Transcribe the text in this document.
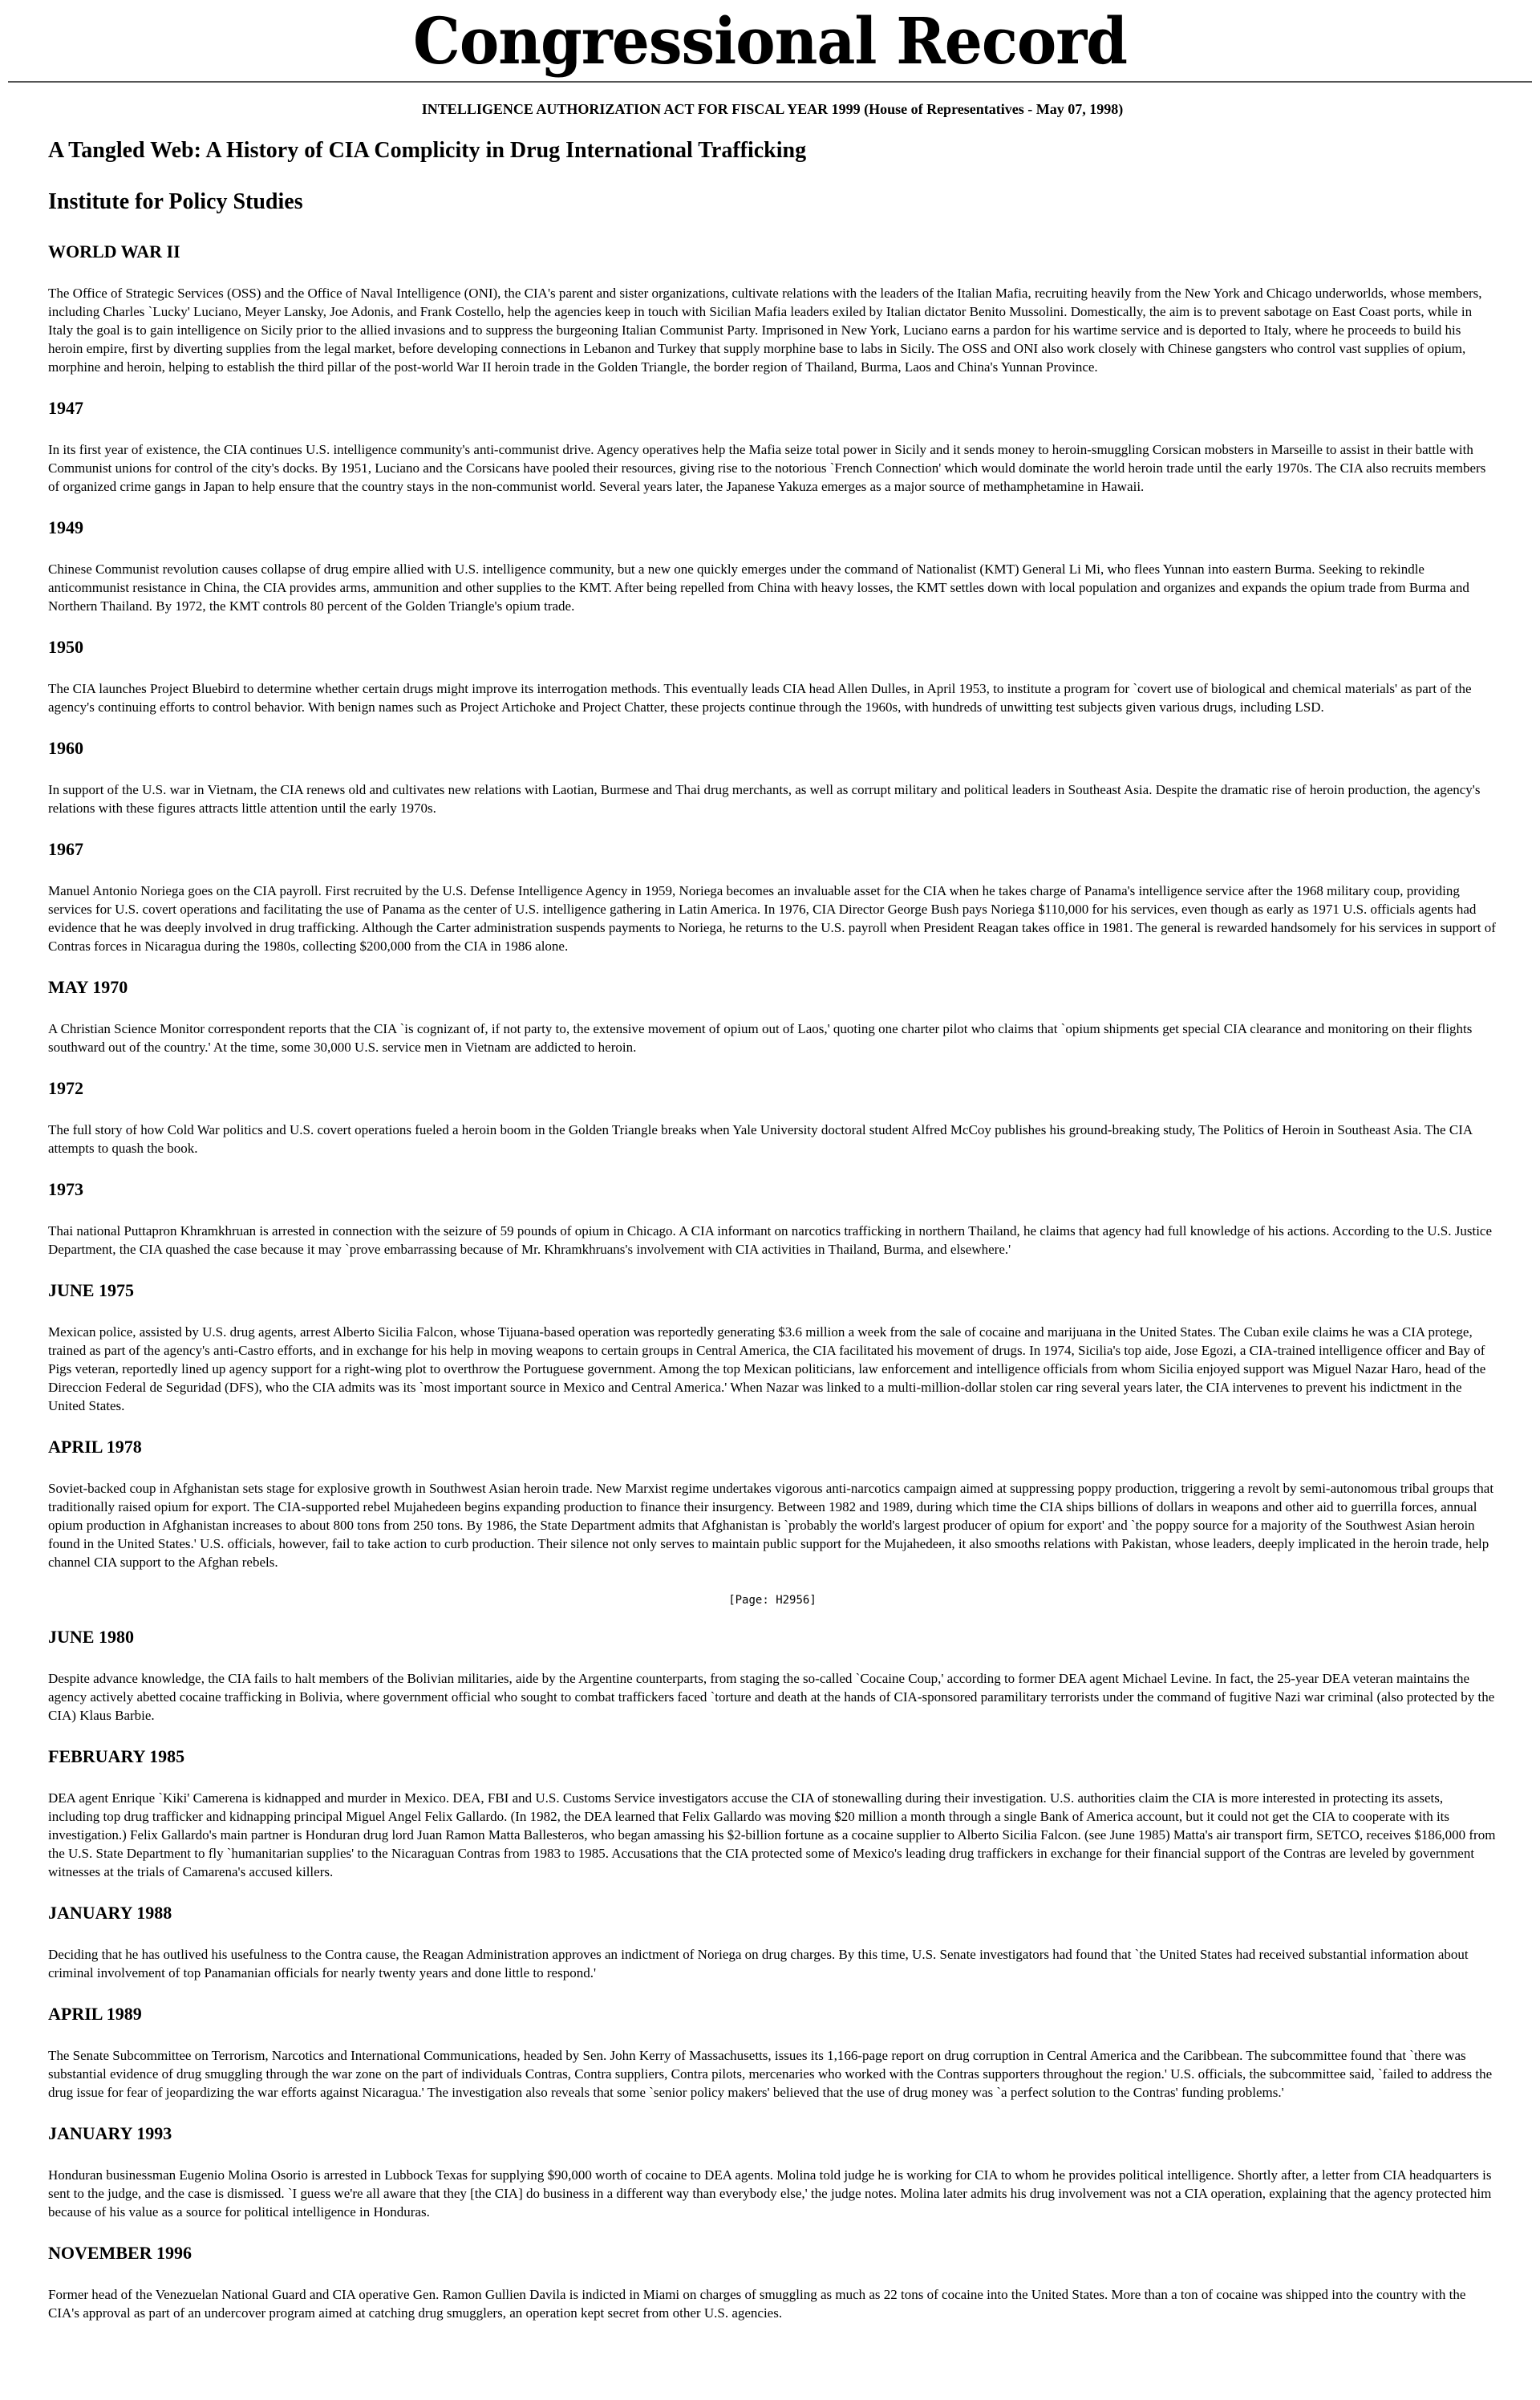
Congressional Record
INTELLIGENCE AUTHORIZATION ACT FOR FISCAL YEAR 1999 (House of Representatives - May 07, 1998)
A Tangled Web: A History of CIA Complicity in Drug International Trafficking
Institute for Policy Studies
WORLD WAR II

The Office of Strategic Services (OSS) and the Office of Naval Intelligence (ONI), the CIA's parent and sister organizations, cultivate relations with the leaders of the Italian Mafia, recruiting heavily from the New York and Chicago underworlds, whose members, including Charles `Lucky' Luciano, Meyer Lansky, Joe Adonis, and Frank Costello, help the agencies keep in touch with Sicilian Mafia leaders exiled by Italian dictator Benito Mussolini. Domestically, the aim is to prevent sabotage on East Coast ports, while in Italy the goal is to gain intelligence on Sicily prior to the allied invasions and to suppress the burgeoning Italian Communist Party. Imprisoned in New York, Luciano earns a pardon for his wartime service and is deported to Italy, where he proceeds to build his heroin empire, first by diverting supplies from the legal market, before developing connections in Lebanon and Turkey that supply morphine base to labs in Sicily. The OSS and ONI also work closely with Chinese gangsters who control vast supplies of opium, morphine and heroin, helping to establish the third pillar of the post-world War II heroin trade in the Golden Triangle, the border region of Thailand, Burma, Laos and China's Yunnan Province.

1947

In its first year of existence, the CIA continues U.S. intelligence community's anti-communist drive. Agency operatives help the Mafia seize total power in Sicily and it sends money to heroin-smuggling Corsican mobsters in Marseille to assist in their battle with Communist unions for control of the city's docks. By 1951, Luciano and the Corsicans have pooled their resources, giving rise to the notorious `French Connection' which would dominate the world heroin trade until the early 1970s. The CIA also recruits members of organized crime gangs in Japan to help ensure that the country stays in the non-communist world. Several years later, the Japanese Yakuza emerges as a major source of methamphetamine in Hawaii.

1949

Chinese Communist revolution causes collapse of drug empire allied with U.S. intelligence community, but a new one quickly emerges under the command of Nationalist (KMT) General Li Mi, who flees Yunnan into eastern Burma. Seeking to rekindle anticommunist resistance in China, the CIA provides arms, ammunition and other supplies to the KMT. After being repelled from China with heavy losses, the KMT settles down with local population and organizes and expands the opium trade from Burma and Northern Thailand. By 1972, the KMT controls 80 percent of the Golden Triangle's opium trade.

1950

The CIA launches Project Bluebird to determine whether certain drugs might improve its interrogation methods. This eventually leads CIA head Allen Dulles, in April 1953, to institute a program for `covert use of biological and chemical materials' as part of the agency's continuing efforts to control behavior. With benign names such as Project Artichoke and Project Chatter, these projects continue through the 1960s, with hundreds of unwitting test subjects given various drugs, including LSD.

1960

In support of the U.S. war in Vietnam, the CIA renews old and cultivates new relations with Laotian, Burmese and Thai drug merchants, as well as corrupt military and political leaders in Southeast Asia. Despite the dramatic rise of heroin production, the agency's relations with these figures attracts little attention until the early 1970s.

1967

Manuel Antonio Noriega goes on the CIA payroll. First recruited by the U.S. Defense Intelligence Agency in 1959, Noriega becomes an invaluable asset for the CIA when he takes charge of Panama's intelligence service after the 1968 military coup, providing services for U.S. covert operations and facilitating the use of Panama as the center of U.S. intelligence gathering in Latin America. In 1976, CIA Director George Bush pays Noriega $110,000 for his services, even though as early as 1971 U.S. officials agents had evidence that he was deeply involved in drug trafficking. Although the Carter administration suspends payments to Noriega, he returns to the U.S. payroll when President Reagan takes office in 1981. The general is rewarded handsomely for his services in support of Contras forces in Nicaragua during the 1980s, collecting $200,000 from the CIA in 1986 alone.

MAY 1970

A Christian Science Monitor correspondent reports that the CIA `is cognizant of, if not party to, the extensive movement of opium out of Laos,' quoting one charter pilot who claims that `opium shipments get special CIA clearance and monitoring on their flights southward out of the country.' At the time, some 30,000 U.S. service men in Vietnam are addicted to heroin.

1972

The full story of how Cold War politics and U.S. covert operations fueled a heroin boom in the Golden Triangle breaks when Yale University doctoral student Alfred McCoy publishes his ground-breaking study, The Politics of Heroin in Southeast Asia. The CIA attempts to quash the book.

1973

Thai national Puttapron Khramkhruan is arrested in connection with the seizure of 59 pounds of opium in Chicago. A CIA informant on narcotics trafficking in northern Thailand, he claims that agency had full knowledge of his actions. According to the U.S. Justice Department, the CIA quashed the case because it may `prove embarrassing because of Mr. Khramkhruans's involvement with CIA activities in Thailand, Burma, and elsewhere.'

JUNE 1975

Mexican police, assisted by U.S. drug agents, arrest Alberto Sicilia Falcon, whose Tijuana-based operation was reportedly generating $3.6 million a week from the sale of cocaine and marijuana in the United States. The Cuban exile claims he was a CIA protege, trained as part of the agency's anti-Castro efforts, and in exchange for his help in moving weapons to certain groups in Central America, the CIA facilitated his movement of drugs. In 1974, Sicilia's top aide, Jose Egozi, a CIA-trained intelligence officer and Bay of Pigs veteran, reportedly lined up agency support for a right-wing plot to overthrow the Portuguese government. Among the top Mexican politicians, law enforcement and intelligence officials from whom Sicilia enjoyed support was Miguel Nazar Haro, head of the Direccion Federal de Seguridad (DFS), who the CIA admits was its `most important source in Mexico and Central America.' When Nazar was linked to a multi-million-dollar stolen car ring several years later, the CIA intervenes to prevent his indictment in the United States.

APRIL 1978

Soviet-backed coup in Afghanistan sets stage for explosive growth in Southwest Asian heroin trade. New Marxist regime undertakes vigorous anti-narcotics campaign aimed at suppressing poppy production, triggering a revolt by semi-autonomous tribal groups that traditionally raised opium for export. The CIA-supported rebel Mujahedeen begins expanding production to finance their insurgency. Between 1982 and 1989, during which time the CIA ships billions of dollars in weapons and other aid to guerrilla forces, annual opium production in Afghanistan increases to about 800 tons from 250 tons. By 1986, the State Department admits that Afghanistan is `probably the world's largest producer of opium for export' and `the poppy source for a majority of the Southwest Asian heroin found in the United States.' U.S. officials, however, fail to take action to curb production. Their silence not only serves to maintain public support for the Mujahedeen, it also smooths relations with Pakistan, whose leaders, deeply implicated in the heroin trade, help channel CIA support to the Afghan rebels.

[Page: H2956]
JUNE 1980

Despite advance knowledge, the CIA fails to halt members of the Bolivian militaries, aide by the Argentine counterparts, from staging the so-called `Cocaine Coup,' according to former DEA agent Michael Levine. In fact, the 25-year DEA veteran maintains the agency actively abetted cocaine trafficking in Bolivia, where government official who sought to combat traffickers faced `torture and death at the hands of CIA-sponsored paramilitary terrorists under the command of fugitive Nazi war criminal (also protected by the CIA) Klaus Barbie.

FEBRUARY 1985

DEA agent Enrique `Kiki' Camerena is kidnapped and murder in Mexico. DEA, FBI and U.S. Customs Service investigators accuse the CIA of stonewalling during their investigation. U.S. authorities claim the CIA is more interested in protecting its assets, including top drug trafficker and kidnapping principal Miguel Angel Felix Gallardo. (In 1982, the DEA learned that Felix Gallardo was moving $20 million a month through a single Bank of America account, but it could not get the CIA to cooperate with its investigation.) Felix Gallardo's main partner is Honduran drug lord Juan Ramon Matta Ballesteros, who began amassing his $2-billion fortune as a cocaine supplier to Alberto Sicilia Falcon. (see June 1985) Matta's air transport firm, SETCO, receives $186,000 from the U.S. State Department to fly `humanitarian supplies' to the Nicaraguan Contras from 1983 to 1985. Accusations that the CIA protected some of Mexico's leading drug traffickers in exchange for their financial support of the Contras are leveled by government witnesses at the trials of Camarena's accused killers.

JANUARY 1988

Deciding that he has outlived his usefulness to the Contra cause, the Reagan Administration approves an indictment of Noriega on drug charges. By this time, U.S. Senate investigators had found that `the United States had received substantial information about criminal involvement of top Panamanian officials for nearly twenty years and done little to respond.'

APRIL 1989

The Senate Subcommittee on Terrorism, Narcotics and International Communications, headed by Sen. John Kerry of Massachusetts, issues its 1,166-page report on drug corruption in Central America and the Caribbean. The subcommittee found that `there was substantial evidence of drug smuggling through the war zone on the part of individuals Contras, Contra suppliers, Contra pilots, mercenaries who worked with the Contras supporters throughout the region.' U.S. officials, the subcommittee said, `failed to address the drug issue for fear of jeopardizing the war efforts against Nicaragua.' The investigation also reveals that some `senior policy makers' believed that the use of drug money was `a perfect solution to the Contras' funding problems.'

JANUARY 1993

Honduran businessman Eugenio Molina Osorio is arrested in Lubbock Texas for supplying $90,000 worth of cocaine to DEA agents. Molina told judge he is working for CIA to whom he provides political intelligence. Shortly after, a letter from CIA headquarters is sent to the judge, and the case is dismissed. `I guess we're all aware that they [the CIA] do business in a different way than everybody else,' the judge notes. Molina later admits his drug involvement was not a CIA operation, explaining that the agency protected him because of his value as a source for political intelligence in Honduras.

NOVEMBER 1996

Former head of the Venezuelan National Guard and CIA operative Gen. Ramon Gullien Davila is indicted in Miami on charges of smuggling as much as 22 tons of cocaine into the United States. More than a ton of cocaine was shipped into the country with the CIA's approval as part of an undercover program aimed at catching drug smugglers, an operation kept secret from other U.S. agencies.
